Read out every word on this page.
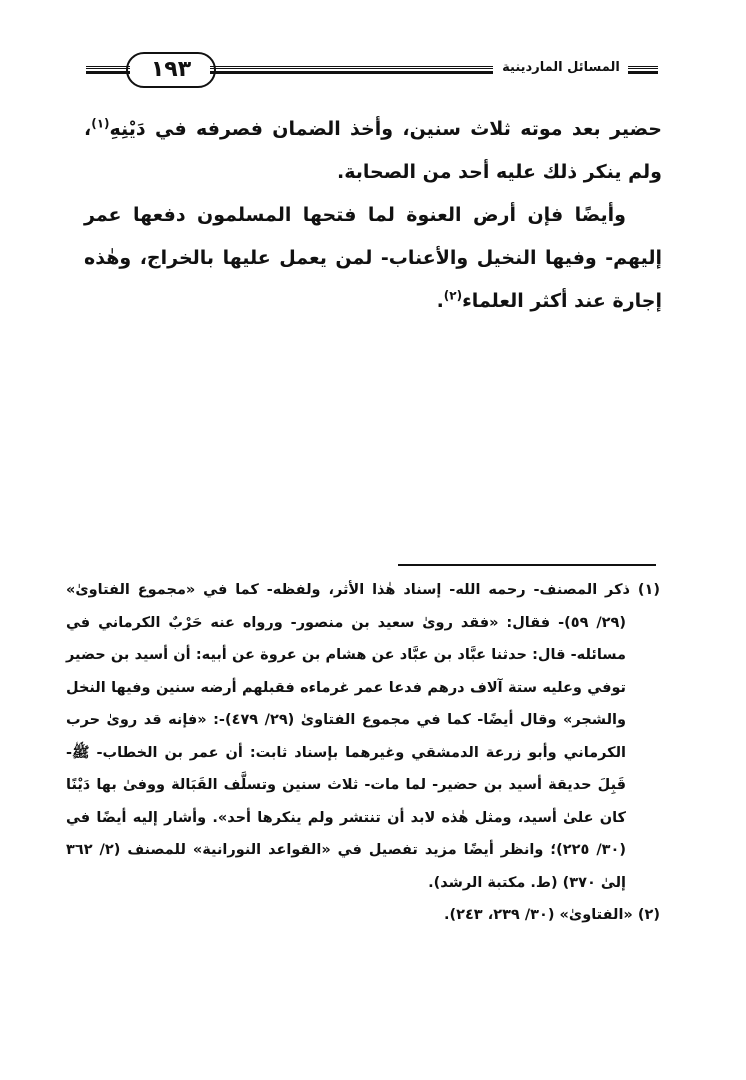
١٩٣	المسائل الماردينية

حضير بعد موته ثلاث سنين، وأخذ الضمان فصرفه في دَيْنِهِ$^{(١)}$، ولم ينكر ذلك عليه أحد من الصحابة.

وأيضًا فإن أرض العنوة لما فتحها المسلمون دفعها عمر إليهم- وفيها النخيل والأعناب- لمن يعمل عليها بالخراج، وهٰذه إجارة عند أكثر العلماء$^{(٢)}$.

(١) ذكر المصنف- رحمه الله- إسناد هٰذا الأثر، ولفظه- كما في «مجموع الفتاوىٰ» (٢٩/ ٥٩)- فقال: «فقد روىٰ سعيد بن منصور- ورواه عنه حَرْبٌ الكرماني في مسائله- قال: حدثنا عبَّاد بن عبَّاد عن هشام بن عروة عن أبيه: أن أسيد بن حضير توفي وعليه ستة آلاف درهم فدعا عمر غرماءه فقبلهم أرضه سنين وفيها النخل والشجر» وقال أيضًا- كما في مجموع الفتاوىٰ (٢٩/ ٤٧٩)-: «فإنه قد روىٰ حرب الكرماني وأبو زرعة الدمشقي وغيرهما بإسناد ثابت: أن عمر بن الخطاب- ﷺ- قَبِلَ حديقة أسيد بن حضير- لما مات- ثلاث سنين وتسلَّف القَبَالة ووفىٰ بها دَيْنًا كان علىٰ أسيد، ومثل هٰذه لابد أن تنتشر ولم ينكرها أحد». وأشار إليه أيضًا في (٣٠/ ٢٢٥)؛ وانظر أيضًا مزيد تفصيل في «القواعد النورانية» للمصنف (٢/ ٣٦٢ إلىٰ ٣٧٠) (ط. مكتبة الرشد).

(٢) «الفتاوىٰ» (٣٠/ ٢٣٩، ٢٤٣).
